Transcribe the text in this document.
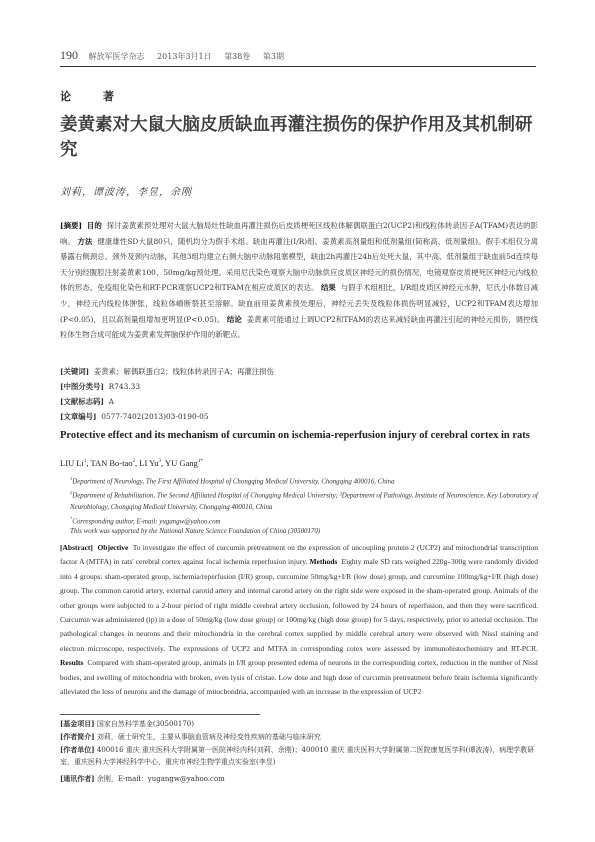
190 解放军医学杂志 2013年3月1日 第38卷 第3期
论 著
姜黄素对大鼠大脑皮质缺血再灌注损伤的保护作用及其机制研究
刘莉，谭波涛，李昱，余刚
[摘要] 目的 探讨姜黄素预处理对大鼠大脑局灶性缺血再灌注损伤后皮质梗死区线粒体解偶联蛋白2(UCP2)和线粒体转录因子A(TFAM)表达的影响。 方法 健康雄性SD大鼠80只，随机均分为假手术组、缺血再灌注(I/R)组、姜黄素高剂量组和低剂量组(简称高、低剂量组)。假手术组仅分离暴露右侧颈总、颈外及颈内动脉，其他3组均建立右侧大脑中动脉阻塞模型，缺血2h再灌注24h后处死大鼠，其中高、低剂量组于缺血前5d连续每天分别经腹腔注射姜黄素100、50mg/kg预处理。采用尼氏染色观察大脑中动脉供应皮质区神经元的损伤情况，电镜观察皮质梗死区神经元内线粒体的形态，免疫组化染色和RT-PCR观察UCP2和TFAM在相应皮质区的表达。 结果 与假手术组相比，I/R组皮质区神经元水肿，尼氏小体数目减少，神经元内线粒体肿胀，线粒体嵴断裂甚至溶解。缺血前用姜黄素预处理后，神经元丢失及线粒体损伤明显减轻，UCP2和TFAM表达增加(P<0.05)，且以高剂量组增加更明显(P<0.05)。 结论 姜黄素可能通过上调UCP2和TFAM的表达来减轻缺血再灌注引起的神经元损伤，调控线粒体生物合成可能成为姜黄素发挥脑保护作用的新靶点。
[关键词] 姜黄素；解偶联蛋白2；线粒体转录因子A；再灌注损伤
[中图分类号] R743.33
[文献标志码] A
[文章编号] 0577-7402(2013)03-0190-05
Protective effect and its mechanism of curcumin on ischemia-reperfusion injury of cerebral cortex in rats
LIU Li$^1$, TAN Bo-tao$^2$, LI Yu$^3$, YU Gang$^{1*}$
$^1$Department of Neurology, The First Affiliated Hospital of Chongqing Medical University, Chongqing 400016, China
$^2$Department of Rehabilitation, The Second Affiliated Hospital of Chongqing Medical University; ³Department of Pathology, Institute of Neuroscience, Key Laboratory of Neurobiology, Chongqing Medical University, Chongqing 400010, China
*Corresponding author, E-mail: yugangw@yahoo.com
This work was supported by the National Nature Science Foundation of China (30500170)
[Abstract] Objective To investigate the effect of curcumin pretreatment on the expression of uncoupling protein 2 (UCP2) and mitochondrial transcription factor A (MTFA) in rats' cerebral cortex against focal ischemia reperfusion injury. Methods Eighty male SD rats weighed 220g–300g were randomly divided into 4 groups: sham-operated group, ischemia/reperfusion (I/R) group, curcumine 50mg/kg+I/R (low dose) group, and curcumine 100mg/kg+I/R (high dose) group. The common carotid artery, external carotid artery and internal carotid artery on the right side were exposed in the sham-operated group. Animals of the other groups were subjected to a 2-hour period of right middle cerebral artery occlusion, followed by 24 hours of reperfusion, and then they were sacrificed. Curcumin was administered (ip) in a dose of 50mg/kg (low dose group) or 100mg/kg (high dose group) for 5 days, respectively, prior to arterial occlusion. The pathological changes in neurons and their mitochondria in the cerebral cortex supplied by middle cerebral artery were observed with Nissl staining and electron microscope, respectively. The expressions of UCP2 and MTFA in corresponding cotex were assessed by immunohistochemistry and RT-PCR. Results Compared with sham-operated group, animals in I/R group presented edema of neurons in the corresponding cortex, reduction in the number of Nissl bodies, and swelling of mitochondria with broken, even lysis of cristae. Low dose and high dose of curcumin pretreatment before brain ischemia significantly alleviated the loss of neurons and the damage of mitochondria, accompanied with an increase in the expression of UCP2
[基金项目] 国家自然科学基金(30500170)
[作者简介] 刘莉，硕士研究生，主要从事脑血管病及神经变性疾病的基础与临床研究
[作者单位] 400016 重庆 重庆医科大学附属第一医院神经内科(刘莉、余刚)；400010 重庆 重庆医科大学附属第二医院康复医学科(谭波涛)，病理学教研室，重庆医科大学神经科学中心，重庆市神经生物学重点实验室(李昱)
[通讯作者] 余刚，E-mail：yugangw@yahoo.com
